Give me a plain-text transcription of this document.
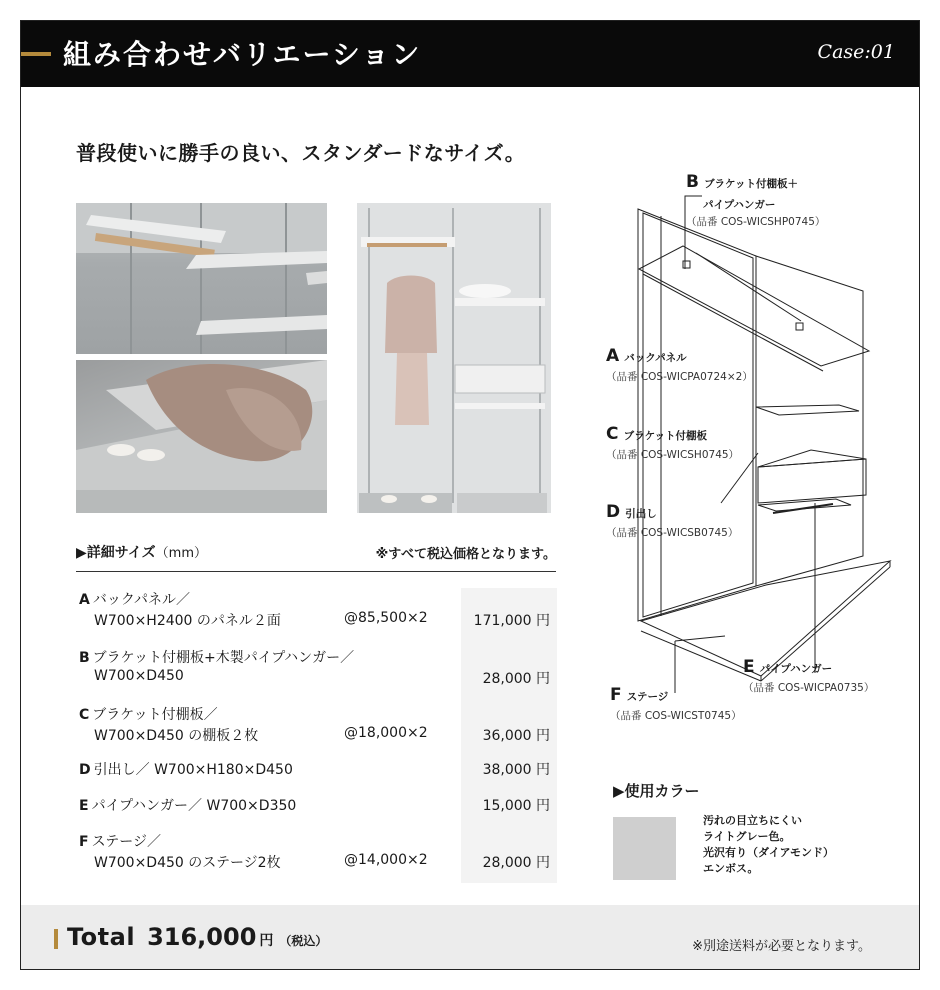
組み合わせバリエーション	Case:01
普段使いに勝手の良い、スタンダードなサイズ。
▶詳細サイズ（mm）	※すべて税込価格となります。
A バックパネル／
W700×H2400 のパネル２面	@85,500×2	171,000 円
B ブラケット付棚板+木製パイプハンガー／
W700×D450	28,000 円
C ブラケット付棚板／
W700×D450 の棚板２枚	@18,000×2	36,000 円
D 引出し／ W700×H180×D450	38,000 円
E パイプハンガー／ W700×D350	15,000 円
F ステージ／
W700×D450 のステージ2枚	@14,000×2	28,000 円
B ブラケット付棚板＋
パイプハンガー
（品番 COS-WICSHP0745）
A バックパネル
（品番 COS-WICPA0724×2）
C ブラケット付棚板
（品番 COS-WICSH0745）
D 引出し
（品番 COS-WICSB0745）
E パイプハンガー
（品番 COS-WICPA0735）
F ステージ
（品番 COS-WICST0745）
▶使用カラー
汚れの目立ちにくい
ライトグレー色。
光沢有り（ダイアモンド）
エンボス。
Total 316,000 円 （税込）	※別途送料が必要となります。
